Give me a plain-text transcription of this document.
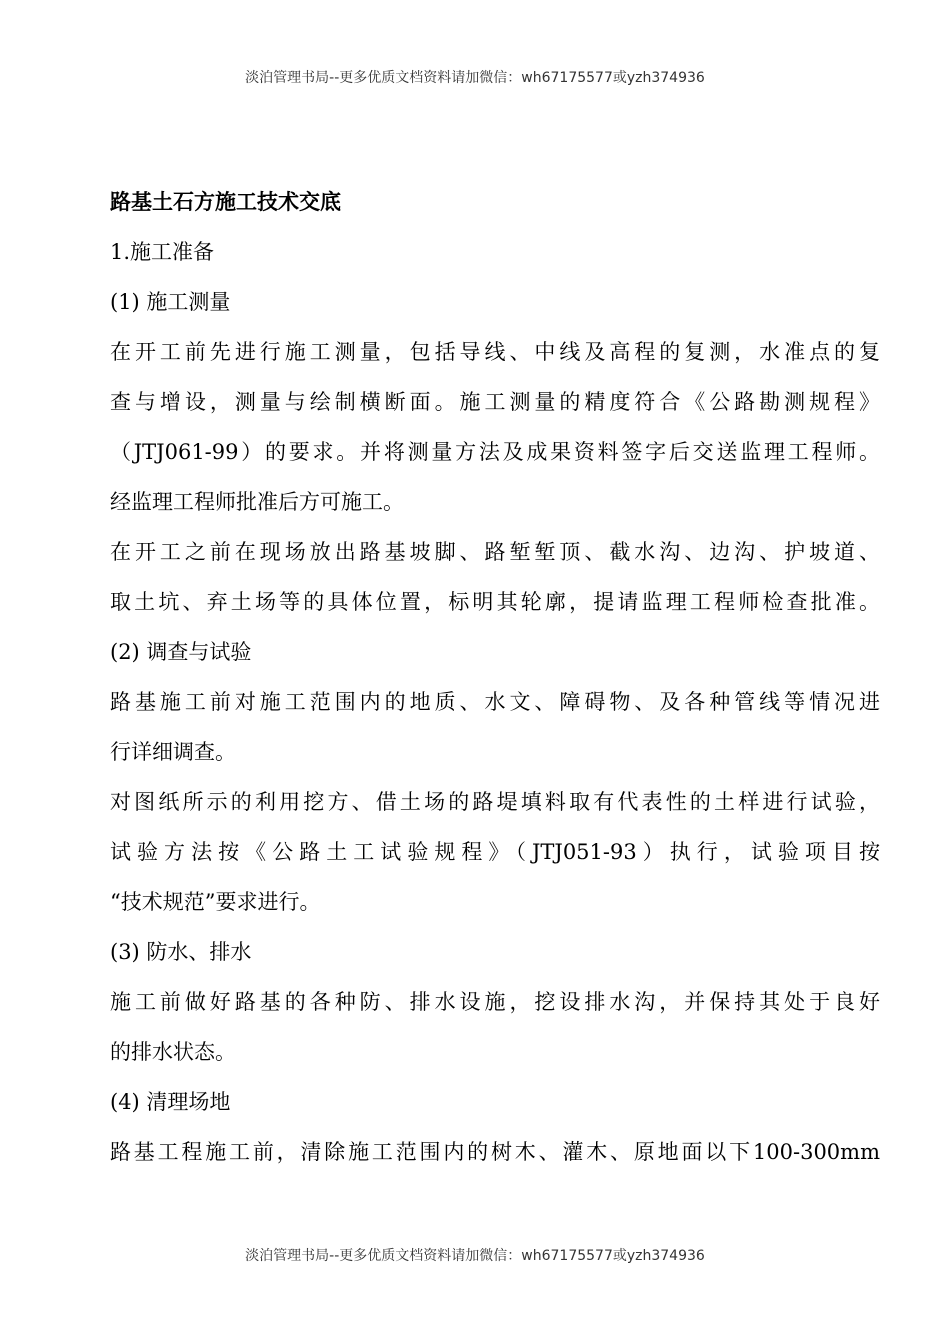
淡泊管理书局--更多优质文档资料请加微信：wh67175577或yzh374936

路基土石方施工技术交底

1.施工准备

(1) 施工测量

在开工前先进行施工测量，包括导线、中线及高程的复测，水准点的复

查与增设，测量与绘制横断面。施工测量的精度符合《公路勘测规程》

（JTJ061-99）的要求。并将测量方法及成果资料签字后交送监理工程师。

经监理工程师批准后方可施工。

在开工之前在现场放出路基坡脚、路堑堑顶、截水沟、边沟、护坡道、

取土坑、弃土场等的具体位置，标明其轮廓，提请监理工程师检查批准。

(2) 调查与试验

路基施工前对施工范围内的地质、水文、障碍物、及各种管线等情况进

行详细调查。

对图纸所示的利用挖方、借土场的路堤填料取有代表性的土样进行试验，

试验方法按《公路土工试验规程》（JTJ051-93）执行，试验项目按

“技术规范”要求进行。

(3) 防水、排水

施工前做好路基的各种防、排水设施，挖设排水沟，并保持其处于良好

的排水状态。

(4) 清理场地

路基工程施工前，清除施工范围内的树木、灌木、原地面以下100-300mm

淡泊管理书局--更多优质文档资料请加微信：wh67175577或yzh374936
